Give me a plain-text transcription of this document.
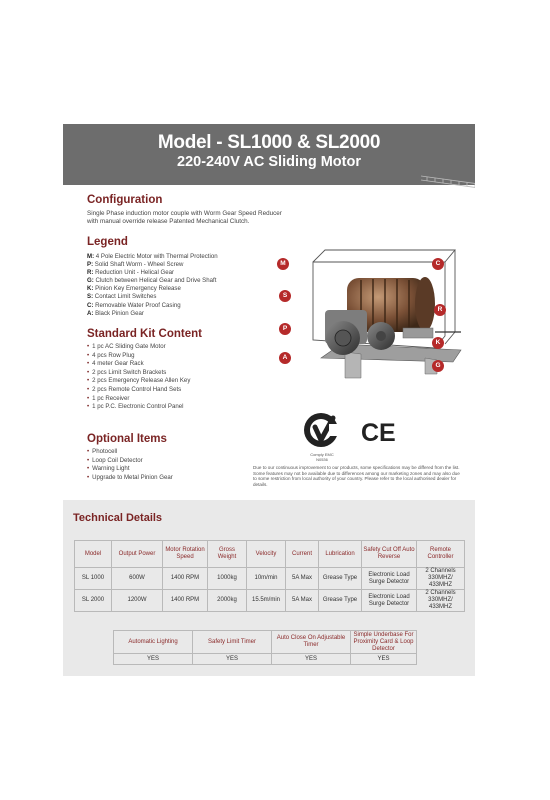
Model - SL1000 & SL2000
220-240V AC Sliding Motor
Configuration

Single Phase induction motor couple with Worm Gear Speed Reducer with manual override release Patented Mechanical Clutch.

Legend
M: 4 Pole Electric Motor with Thermal Protection
P: Solid Shaft Worm - Wheel Screw
R: Reduction Unit - Helical Gear
G: Clutch between Helical Gear and Drive Shaft
K: Pinion Key Emergency Release
S: Contact Limit Switches
C: Removable Water Proof Casing
A: Black Pinion Gear
Standard Kit Content
• 1 pc AC Sliding Gate Motor
• 4 pcs Row Plug
• 4 meter Gear Rack
• 2 pcs Limit Switch Brackets
• 2 pcs Emergency Release Allen Key
• 2 pcs Remote Control Hand Sets
• 1 pc Receiver
• 1 pc P.C. Electronic Control Panel
Optional Items
• Photocell
• Loop Coil Detector
• Warning Light
• Upgrade to Metal Pinion Gear
M	C
S
R
P
K
A
G
Comply EMC
N0536
CE

Due to our continuous improvement to our products, some specifications may be differed from the list. Some features may not be available due to differences among our marketing zones and may also due to some restriction from local authority of your country. Please refer to the local authorised dealer for details.

Technical Details
Model	Output Power	Motor Rotation Speed	Gross Weight	Velocity	Current	Lubrication	Safety Cut Off Auto Reverse	Remote Controller
SL 1000	600W	1400 RPM	1000kg	10m/min	5A Max	Grease Type	Electronic Load Surge Detector	2 Channels 330MHZ/ 433MHZ
SL 2000	1200W	1400 RPM	2000kg	15.5m/min	5A Max	Grease Type	Electronic Load Surge Detector	2 Channels 330MHZ/ 433MHZ
Automatic Lighting	Safety Limit Timer	Auto Close On Adjustable Timer	Simple Underbase For Proximity Card & Loop Detector
YES	YES	YES	YES
